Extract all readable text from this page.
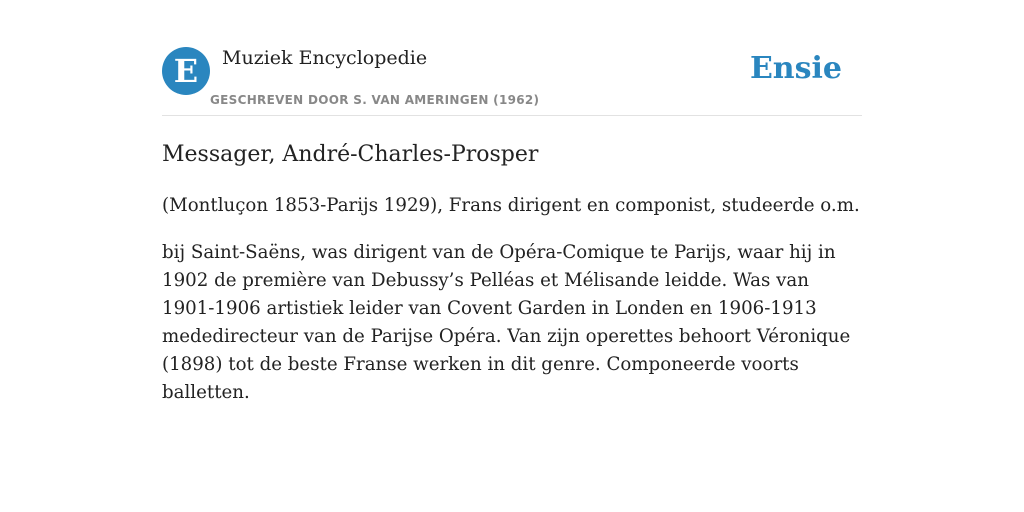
E	Muziek Encyclopedie
GESCHREVEN DOOR S. VAN AMERINGEN (1962)
Ensie
Messager, André-Charles-Prosper

(Montluçon 1853-Parijs 1929), Frans dirigent en componist, studeerde o.m.

bij Saint-Saëns, was dirigent van de Opéra-Comique te Parijs, waar hij in 1902 de première van Debussy’s Pelléas et Mélisande leidde. Was van 1901-1906 artistiek leider van Covent Garden in Londen en 1906-1913 mededirecteur van de Parijse Opéra. Van zijn operettes behoort Véronique (1898) tot de beste Franse werken in dit genre. Componeerde voorts balletten.
